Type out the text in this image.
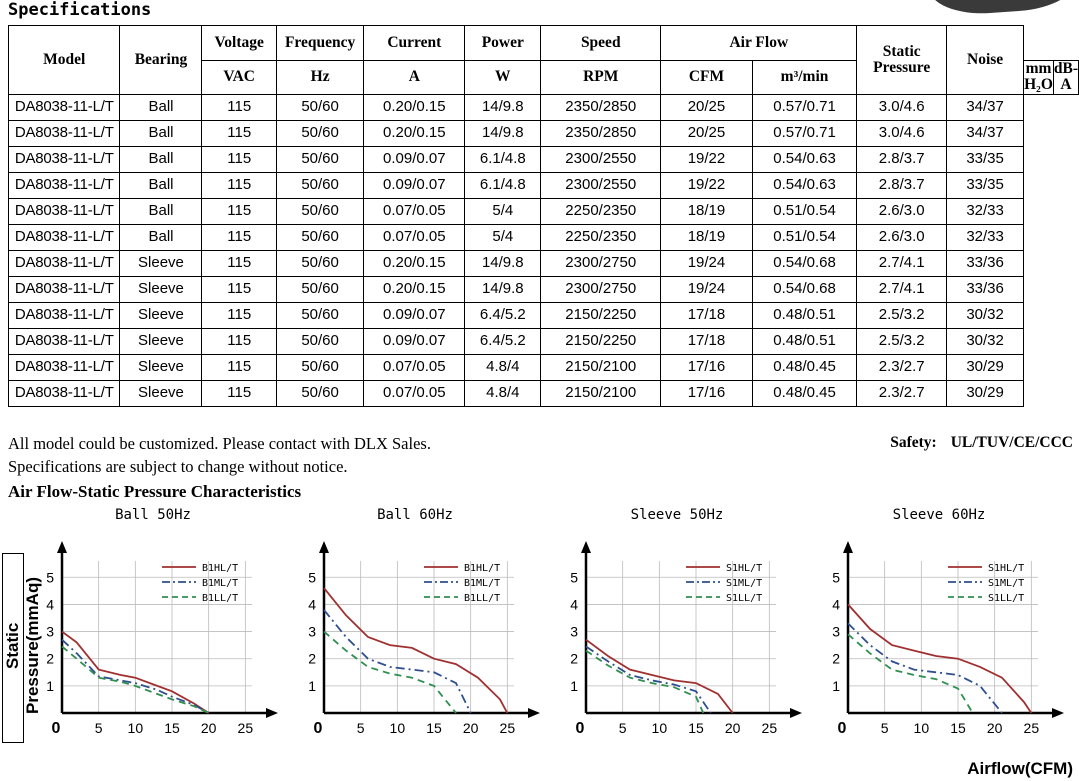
Specifications
Model	Bearing	Voltage	Frequency	Current	Power	Speed	Air Flow		Static Pressure	Noise		
		VAC	Hz	A	W	RPM	CFM	m³/min			mm H₂O	dB-A
DA8038-11-L/T	Ball	115	50/60	0.20/0.15	14/9.8	2350/2850	20/25	0.57/0.71	3.0/4.6	34/37		
DA8038-11-L/T	Ball	115	50/60	0.20/0.15	14/9.8	2350/2850	20/25	0.57/0.71	3.0/4.6	34/37		
DA8038-11-L/T	Ball	115	50/60	0.09/0.07	6.1/4.8	2300/2550	19/22	0.54/0.63	2.8/3.7	33/35		
DA8038-11-L/T	Ball	115	50/60	0.09/0.07	6.1/4.8	2300/2550	19/22	0.54/0.63	2.8/3.7	33/35		
DA8038-11-L/T	Ball	115	50/60	0.07/0.05	5/4	2250/2350	18/19	0.51/0.54	2.6/3.0	32/33		
DA8038-11-L/T	Ball	115	50/60	0.07/0.05	5/4	2250/2350	18/19	0.51/0.54	2.6/3.0	32/33		
DA8038-11-L/T	Sleeve	115	50/60	0.20/0.15	14/9.8	2300/2750	19/24	0.54/0.68	2.7/4.1	33/36		
DA8038-11-L/T	Sleeve	115	50/60	0.20/0.15	14/9.8	2300/2750	19/24	0.54/0.68	2.7/4.1	33/36		
DA8038-11-L/T	Sleeve	115	50/60	0.09/0.07	6.4/5.2	2150/2250	17/18	0.48/0.51	2.5/3.2	30/32		
DA8038-11-L/T	Sleeve	115	50/60	0.09/0.07	6.4/5.2	2150/2250	17/18	0.48/0.51	2.5/3.2	30/32		
DA8038-11-L/T	Sleeve	115	50/60	0.07/0.05	4.8/4	2150/2100	17/16	0.48/0.45	2.3/2.7	30/29		
DA8038-11-L/T	Sleeve	115	50/60	0.07/0.05	4.8/4	2150/2100	17/16	0.48/0.45	2.3/2.7	30/29		
All model could be customized. Please contact with DLX Sales.
Specifications are subject to change without notice.
Safety: UL/TUV/CE/CCC
Air Flow-Static Pressure Characteristics
Static Pressure(mmAq)
Airflow(CFM)
Ball 50Hz
1
2
3
4
5
0 5 10 15 20 25
B1HL/T
B1ML/T
B1LL/T
Ball 60Hz
1
2
3
4
5
0 5 10 15 20 25
B1HL/T
B1ML/T
B1LL/T
Sleeve 50Hz
1
2
3
4
5
0 5 10 15 20 25
S1HL/T
S1ML/T
S1LL/T
Sleeve 60Hz
1
2
3
4
5
0 5 10 15 20 25
S1HL/T
S1ML/T
S1LL/T
